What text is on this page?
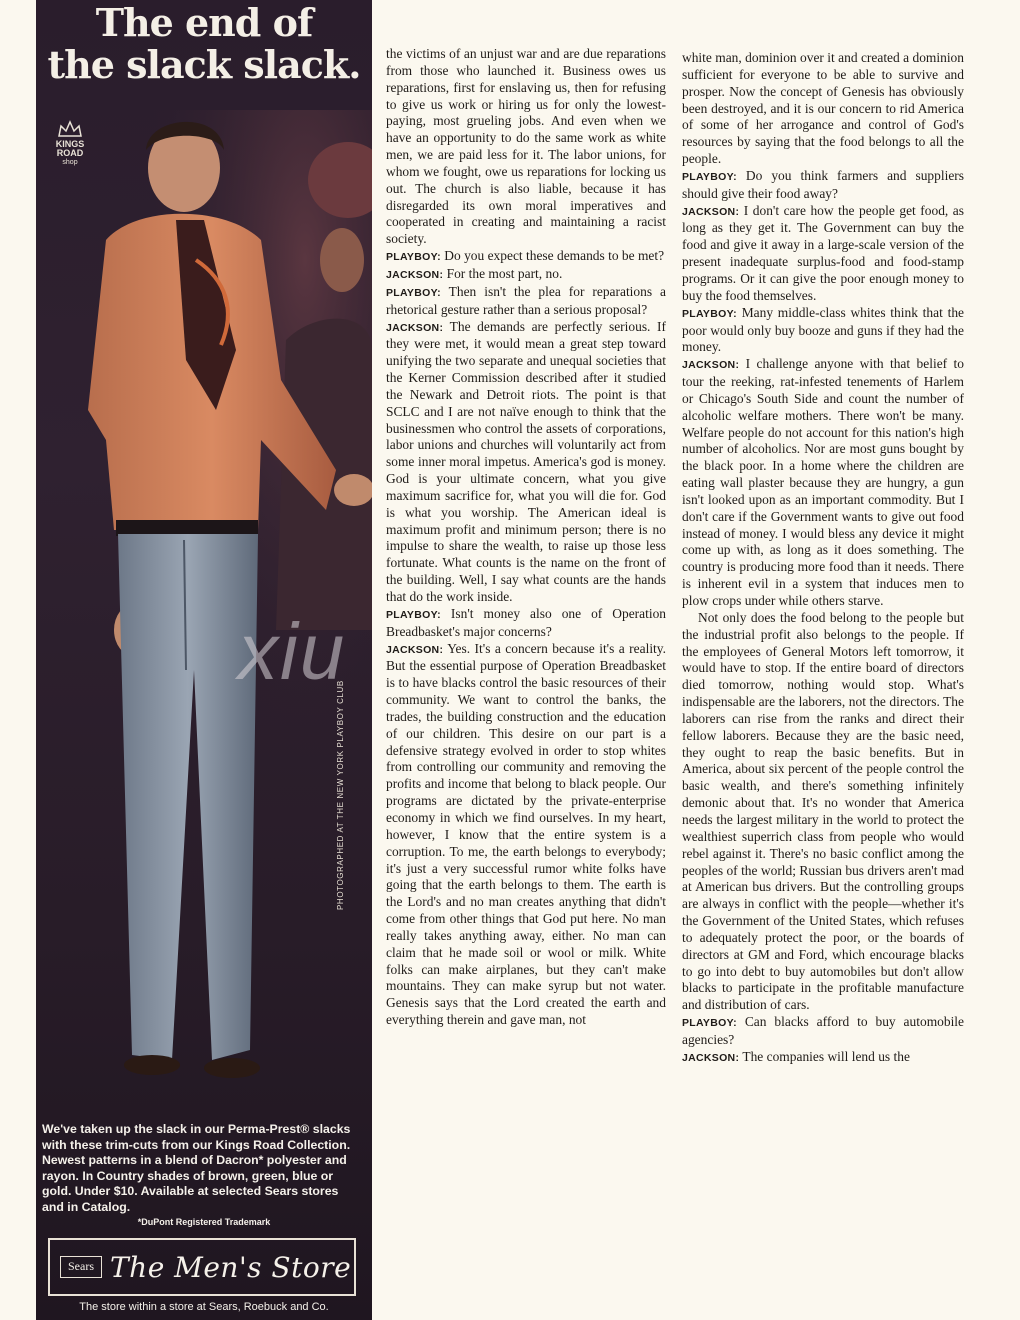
The end of
the slack slack.
KINGS
ROAD
shop
PHOTOGRAPHED AT THE NEW YORK PLAYBOY CLUB
We've taken up the slack in our Perma-Prest® slacks with these trim-cuts from our Kings Road Collection. Newest patterns in a blend of Dacron* polyester and rayon. In Country shades of brown, green, blue or gold. Under $10. Available at selected Sears stores and in Catalog.
*DuPont Registered Trademark
Sears The Men's Store
The store within a store at Sears, Roebuck and Co.

the victims of an unjust war and are due reparations from those who launched it. Business owes us reparations, first for enslaving us, then for refusing to give us work or hiring us for only the lowest-paying, most grueling jobs. And even when we have an opportunity to do the same work as white men, we are paid less for it. The labor unions, for whom we fought, owe us reparations for locking us out. The church is also liable, because it has disregarded its own moral imperatives and cooperated in creating and maintaining a racist society.

PLAYBOY: Do you expect these demands to be met?

JACKSON: For the most part, no.

PLAYBOY: Then isn't the plea for reparations a rhetorical gesture rather than a serious proposal?

JACKSON: The demands are perfectly serious. If they were met, it would mean a great step toward unifying the two separate and unequal societies that the Kerner Commission described after it studied the Newark and Detroit riots. The point is that SCLC and I are not naïve enough to think that the businessmen who control the assets of corporations, labor unions and churches will voluntarily act from some inner moral impetus. America's god is money. God is your ultimate concern, what you give maximum sacrifice for, what you will die for. God is what you worship. The American ideal is maximum profit and minimum person; there is no impulse to share the wealth, to raise up those less fortunate. What counts is the name on the front of the building. Well, I say what counts are the hands that do the work inside.

PLAYBOY: Isn't money also one of Operation Breadbasket's major concerns?

JACKSON: Yes. It's a concern because it's a reality. But the essential purpose of Operation Breadbasket is to have blacks control the basic resources of their community. We want to control the banks, the trades, the building construction and the education of our children. This desire on our part is a defensive strategy evolved in order to stop whites from controlling our community and removing the profits and income that belong to black people. Our programs are dictated by the private-enterprise economy in which we find ourselves. In my heart, however, I know that the entire system is a corruption. To me, the earth belongs to everybody; it's just a very successful rumor white folks have going that the earth belongs to them. The earth is the Lord's and no man creates anything that didn't come from other things that God put here. No man really takes anything away, either. No man can claim that he made soil or wool or milk. White folks can make airplanes, but they can't make mountains. They can make syrup but not water. Genesis says that the Lord created the earth and everything therein and gave man, not

white man, dominion over it and created a dominion sufficient for everyone to be able to survive and prosper. Now the concept of Genesis has obviously been destroyed, and it is our concern to rid America of some of her arrogance and control of God's resources by saying that the food belongs to all the people.

PLAYBOY: Do you think farmers and suppliers should give their food away?

JACKSON: I don't care how the people get food, as long as they get it. The Government can buy the food and give it away in a large-scale version of the present inadequate surplus-food and food-stamp programs. Or it can give the poor enough money to buy the food themselves.

PLAYBOY: Many middle-class whites think that the poor would only buy booze and guns if they had the money.

JACKSON: I challenge anyone with that belief to tour the reeking, rat-infested tenements of Harlem or Chicago's South Side and count the number of alcoholic welfare mothers. There won't be many. Welfare people do not account for this nation's high number of alcoholics. Nor are most guns bought by the black poor. In a home where the children are eating wall plaster because they are hungry, a gun isn't looked upon as an important commodity. But I don't care if the Government wants to give out food instead of money. I would bless any device it might come up with, as long as it does something. The country is producing more food than it needs. There is inherent evil in a system that induces men to plow crops under while others starve.

Not only does the food belong to the people but the industrial profit also belongs to the people. If the employees of General Motors left tomorrow, it would have to stop. If the entire board of directors died tomorrow, nothing would stop. What's indispensable are the laborers, not the directors. The laborers can rise from the ranks and direct their fellow laborers. Because they are the basic need, they ought to reap the basic benefits. But in America, about six percent of the people control the basic wealth, and there's something infinitely demonic about that. It's no wonder that America needs the largest military in the world to protect the wealthiest superrich class from people who would rebel against it. There's no basic conflict among the peoples of the world; Russian bus drivers aren't mad at American bus drivers. But the controlling groups are always in conflict with the people—whether it's the Government of the United States, which refuses to adequately protect the poor, or the boards of directors at GM and Ford, which encourage blacks to go into debt to buy automobiles but don't allow blacks to participate in the profitable manufacture and distribution of cars.

PLAYBOY: Can blacks afford to buy automobile agencies?

JACKSON: The companies will lend us the

xiu
